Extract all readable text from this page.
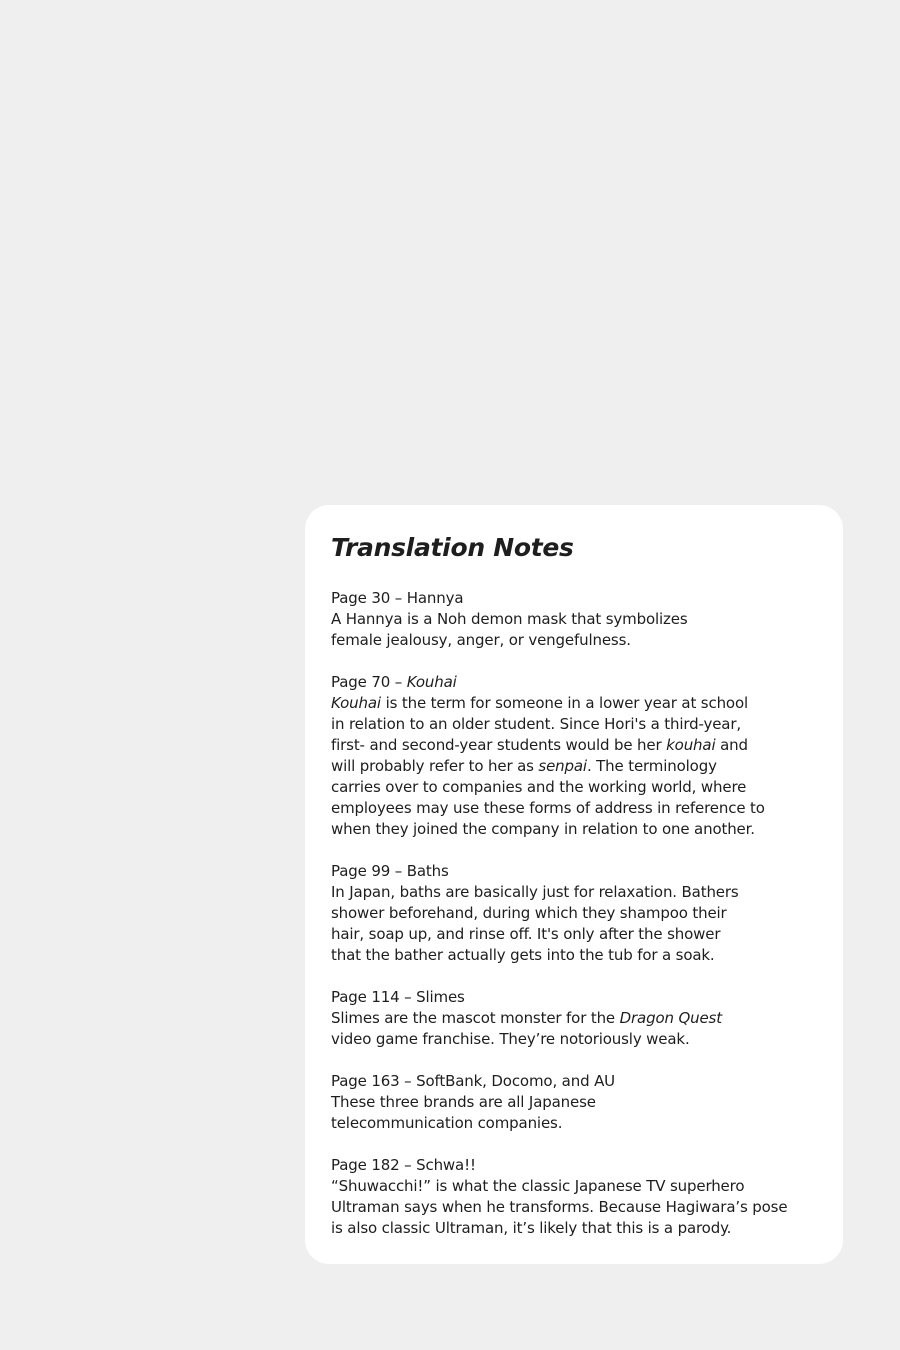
Translation Notes
Page 30 – Hannya
A Hannya is a Noh demon mask that symbolizes
female jealousy, anger, or vengefulness.
Page 70 – Kouhai
Kouhai is the term for someone in a lower year at school
in relation to an older student. Since Hori's a third-year,
first- and second-year students would be her kouhai and
will probably refer to her as senpai. The terminology
carries over to companies and the working world, where
employees may use these forms of address in reference to
when they joined the company in relation to one another.
Page 99 – Baths
In Japan, baths are basically just for relaxation. Bathers
shower beforehand, during which they shampoo their
hair, soap up, and rinse off. It's only after the shower
that the bather actually gets into the tub for a soak.
Page 114 – Slimes
Slimes are the mascot monster for the Dragon Quest
video game franchise. They’re notoriously weak.
Page 163 – SoftBank, Docomo, and AU
These three brands are all Japanese
telecommunication companies.
Page 182 – Schwa!!
“Shuwacchi!” is what the classic Japanese TV superhero
Ultraman says when he transforms. Because Hagiwara’s pose
is also classic Ultraman, it’s likely that this is a parody.
